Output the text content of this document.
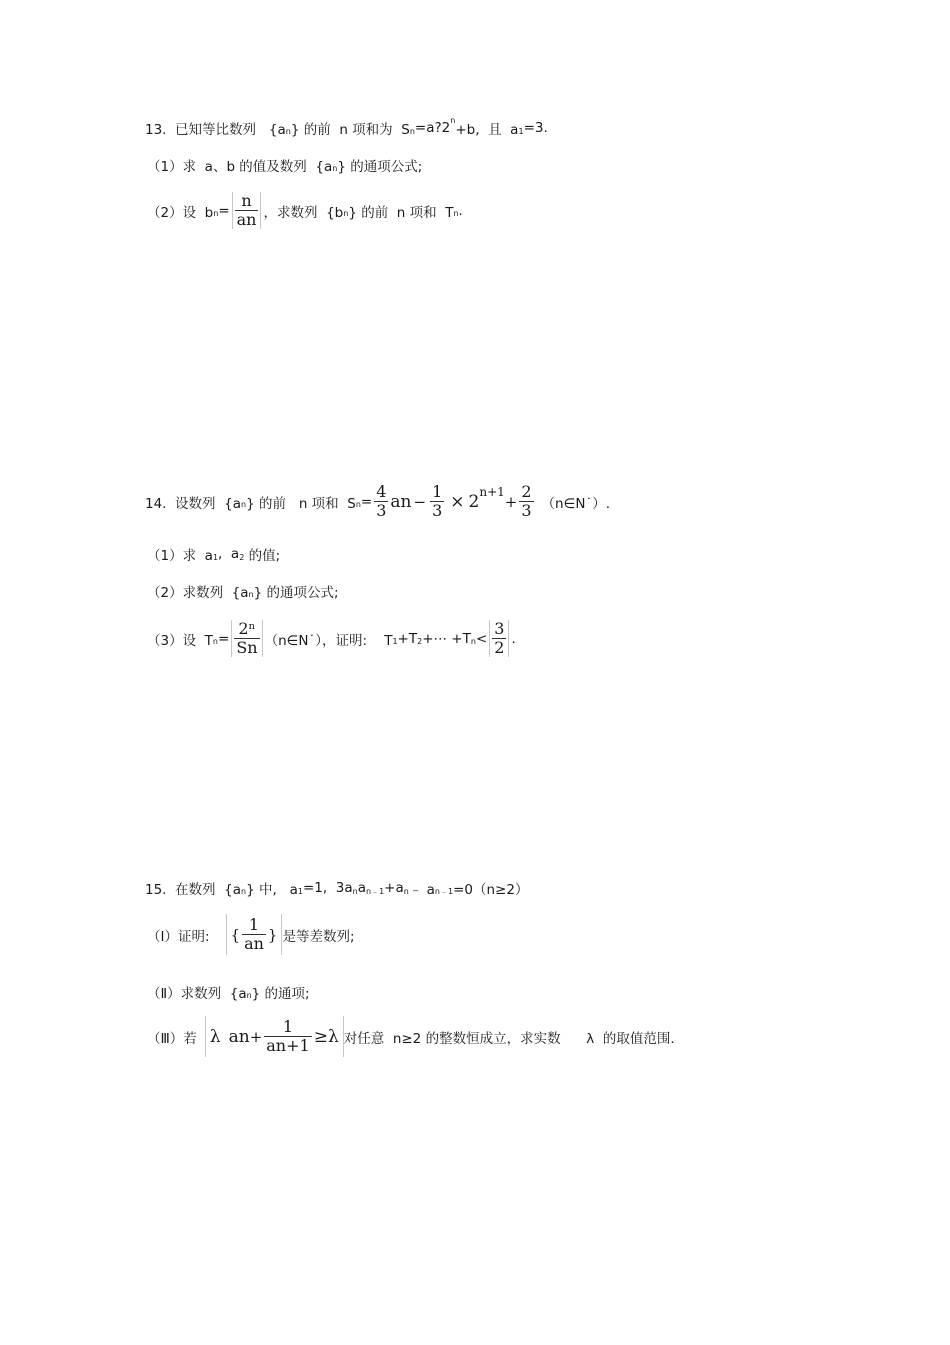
13.  已知等比数列   {a n } 的前  n 项和为  S n =a?2 n
+b,  且  a 1 =3.
（1）求  a、b 的值及数列  {a n } 的通项公式;
（2）设  b $n = \frac{n}{an}$ ，求数列  {b n } 的前  n 项和  T n .
14.  设数列  {a n } 的前   n 项和  S $n = \frac{4}{3}$ an − $\frac{1}{3} \times 2$ n+1
+ $\frac{2}{3}$ （n∈N˙）.
（1）求  a 1 ,  a 2 的值;
（2）求数列  {a n } 的通项公式;
（3）设  T $n = \frac{\text{2ⁿ}}{Sn}$ （n∈N˙），证明:    T 1 +T 2 +⋯ +T $n < \frac{3}{2}$ .
15.  在数列  {a n } 中,   a 1 =1,  3a n a n﹣1 +a n ﹣ a n﹣1 =0（n≥2）
（Ⅰ）证明: { $\frac{1}{an}$ } 是等差数列;
（Ⅱ）求数列  {a n } 的通项;
（Ⅲ）若 λ an + $\frac{1}{an+1} \ge \lambda$ 对任意  n≥2 的整数恒成立，求实数      λ  的取值范围.
